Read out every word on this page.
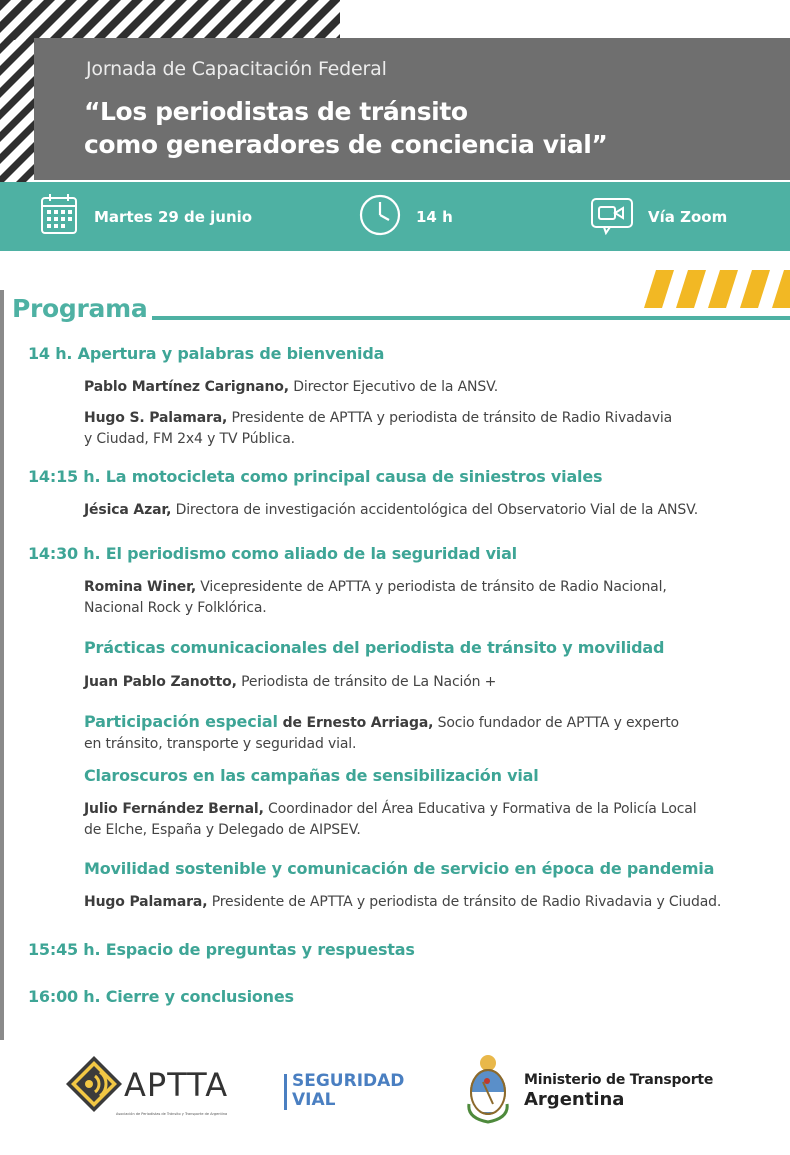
Jornada de Capacitación Federal
“Los periodistas de tránsito
como generadores de conciencia vial”
Martes 29 de junio	14 h	Vía Zoom
Programa
14 h. Apertura y palabras de bienvenida
Pablo Martínez Carignano, Director Ejecutivo de la ANSV.
Hugo S. Palamara, Presidente de APTTA y periodista de tránsito de Radio Rivadavia
y Ciudad, FM 2x4 y TV Pública.
14:15 h. La motocicleta como principal causa de siniestros viales
Jésica Azar, Directora de investigación accidentológica del Observatorio Vial de la ANSV.
14:30 h. El periodismo como aliado de la seguridad vial
Romina Winer, Vicepresidente de APTTA y periodista de tránsito de Radio Nacional,
Nacional Rock y Folklórica.
Prácticas comunicacionales del periodista de tránsito y movilidad
Juan Pablo Zanotto, Periodista de tránsito de La Nación +
Participación especial de Ernesto Arriaga, Socio fundador de APTTA y experto
en tránsito, transporte y seguridad vial.
Claroscuros en las campañas de sensibilización vial
Julio Fernández Bernal, Coordinador del Área Educativa y Formativa de la Policía Local
de Elche, España y Delegado de AIPSEV.
Movilidad sostenible y comunicación de servicio en época de pandemia
Hugo Palamara, Presidente de APTTA y periodista de tránsito de Radio Rivadavia y Ciudad.
15:45 h. Espacio de preguntas y respuestas
16:00 h. Cierre y conclusiones
APTTA
Asociación de Periodistas de Tránsito y Transporte de Argentina
SEGURIDAD
VIAL
Ministerio de Transporte
Argentina
